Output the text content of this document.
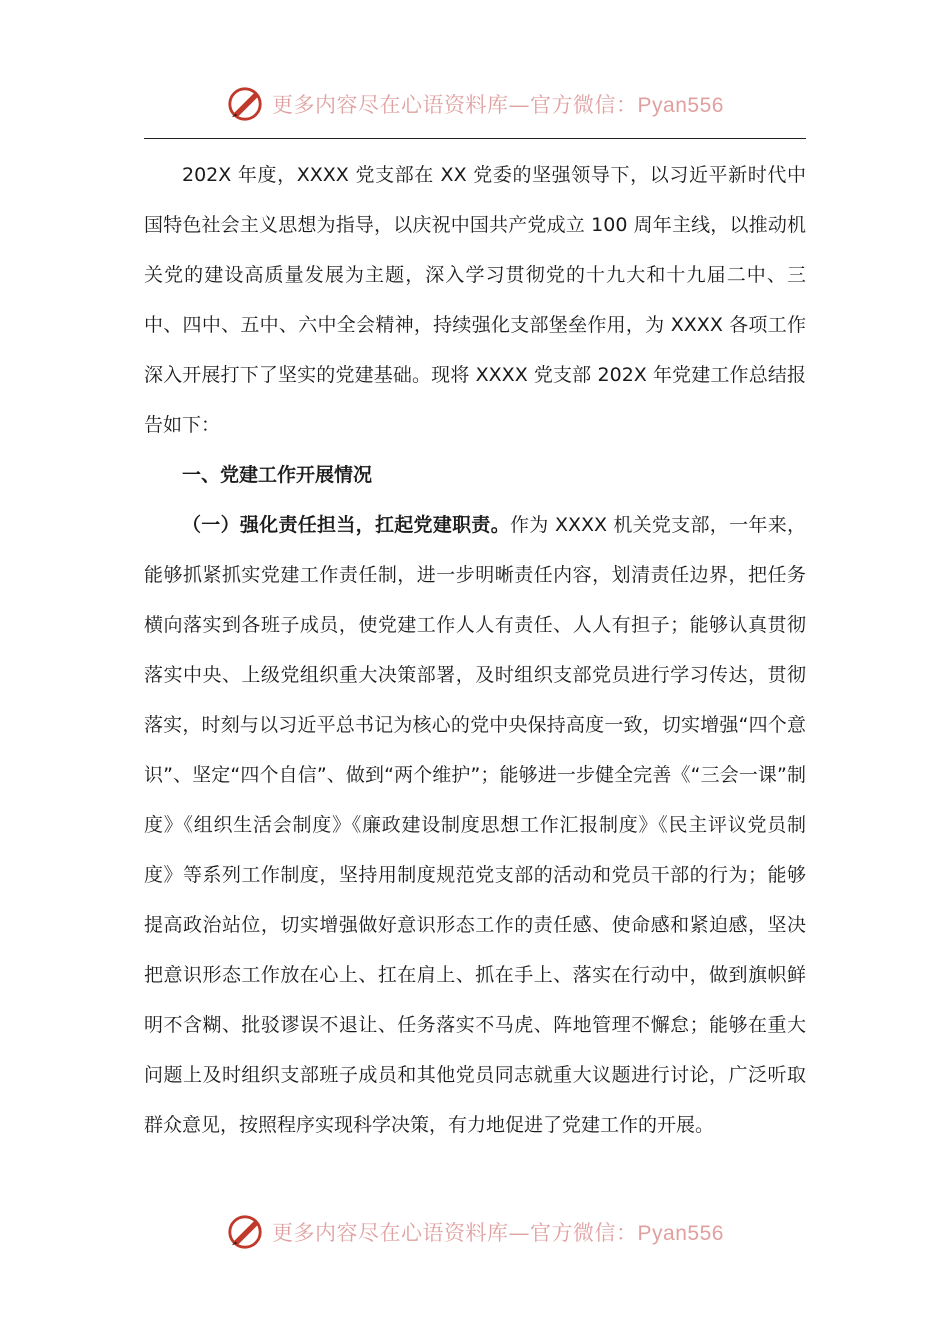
更多内容尽在心语资料库—官方微信：Pyan556

202X 年度，XXXX 党支部在 XX 党委的坚强领导下，以习近平新时代中国特色社会主义思想为指导，以庆祝中国共产党成立 100 周年主线，以推动机关党的建设高质量发展为主题，深入学习贯彻党的十九大和十九届二中、三中、四中、五中、六中全会精神，持续强化支部堡垒作用，为 XXXX 各项工作深入开展打下了坚实的党建基础。现将 XXXX 党支部 202X 年党建工作总结报告如下：

一、党建工作开展情况

（一）强化责任担当，扛起党建职责。作为 XXXX 机关党支部，一年来，能够抓紧抓实党建工作责任制，进一步明晰责任内容，划清责任边界，把任务横向落实到各班子成员，使党建工作人人有责任、人人有担子；能够认真贯彻落实中央、上级党组织重大决策部署，及时组织支部党员进行学习传达，贯彻落实，时刻与以习近平总书记为核心的党中央保持高度一致，切实增强“四个意识”、坚定“四个自信”、做到“两个维护”；能够进一步健全完善《“三会一课”制度》《组织生活会制度》《廉政建设制度思想工作汇报制度》《民主评议党员制度》等系列工作制度，坚持用制度规范党支部的活动和党员干部的行为；能够提高政治站位，切实增强做好意识形态工作的责任感、使命感和紧迫感，坚决把意识形态工作放在心上、扛在肩上、抓在手上、落实在行动中，做到旗帜鲜明不含糊、批驳谬误不退让、任务落实不马虎、阵地管理不懈怠；能够在重大问题上及时组织支部班子成员和其他党员同志就重大议题进行讨论，广泛听取群众意见，按照程序实现科学决策，有力地促进了党建工作的开展。

更多内容尽在心语资料库—官方微信：Pyan556
